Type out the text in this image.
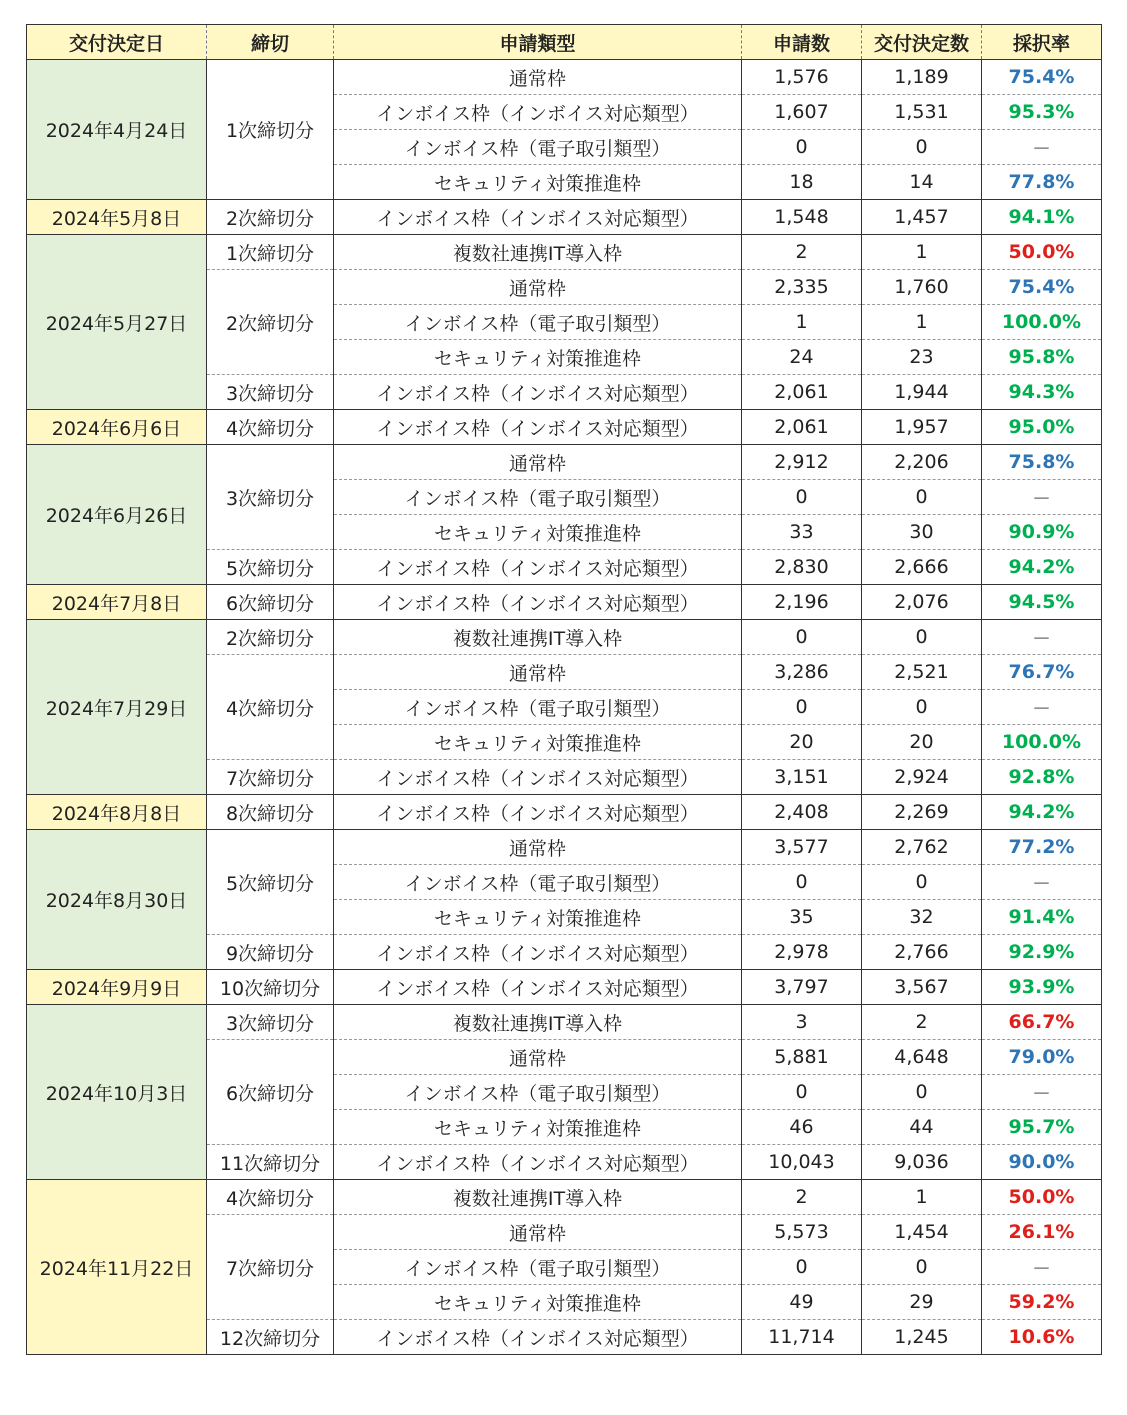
交付決定日	締切	申請類型	申請数	交付決定数	採択率
2024年4月24日	1次締切分	通常枠	1,576	1,189	75.4%
		インボイス枠（インボイス対応類型）	1,607	1,531	95.3%
		インボイス枠（電子取引類型）	0	0	－
		セキュリティ対策推進枠	18	14	77.8%
2024年5月8日	2次締切分	インボイス枠（インボイス対応類型）	1,548	1,457	94.1%
2024年5月27日	1次締切分	複数社連携IT導入枠	2	1	50.0%
	2次締切分	通常枠	2,335	1,760	75.4%
		インボイス枠（電子取引類型）	1	1	100.0%
		セキュリティ対策推進枠	24	23	95.8%
	3次締切分	インボイス枠（インボイス対応類型）	2,061	1,944	94.3%
2024年6月6日	4次締切分	インボイス枠（インボイス対応類型）	2,061	1,957	95.0%
2024年6月26日	3次締切分	通常枠	2,912	2,206	75.8%
		インボイス枠（電子取引類型）	0	0	－
		セキュリティ対策推進枠	33	30	90.9%
	5次締切分	インボイス枠（インボイス対応類型）	2,830	2,666	94.2%
2024年7月8日	6次締切分	インボイス枠（インボイス対応類型）	2,196	2,076	94.5%
2024年7月29日	2次締切分	複数社連携IT導入枠	0	0	－
	4次締切分	通常枠	3,286	2,521	76.7%
		インボイス枠（電子取引類型）	0	0	－
		セキュリティ対策推進枠	20	20	100.0%
	7次締切分	インボイス枠（インボイス対応類型）	3,151	2,924	92.8%
2024年8月8日	8次締切分	インボイス枠（インボイス対応類型）	2,408	2,269	94.2%
2024年8月30日	5次締切分	通常枠	3,577	2,762	77.2%
		インボイス枠（電子取引類型）	0	0	－
		セキュリティ対策推進枠	35	32	91.4%
	9次締切分	インボイス枠（インボイス対応類型）	2,978	2,766	92.9%
2024年9月9日	10次締切分	インボイス枠（インボイス対応類型）	3,797	3,567	93.9%
2024年10月3日	3次締切分	複数社連携IT導入枠	3	2	66.7%
	6次締切分	通常枠	5,881	4,648	79.0%
		インボイス枠（電子取引類型）	0	0	－
		セキュリティ対策推進枠	46	44	95.7%
	11次締切分	インボイス枠（インボイス対応類型）	10,043	9,036	90.0%
2024年11月22日	4次締切分	複数社連携IT導入枠	2	1	50.0%
	7次締切分	通常枠	5,573	1,454	26.1%
		インボイス枠（電子取引類型）	0	0	－
		セキュリティ対策推進枠	49	29	59.2%
	12次締切分	インボイス枠（インボイス対応類型）	11,714	1,245	10.6%
